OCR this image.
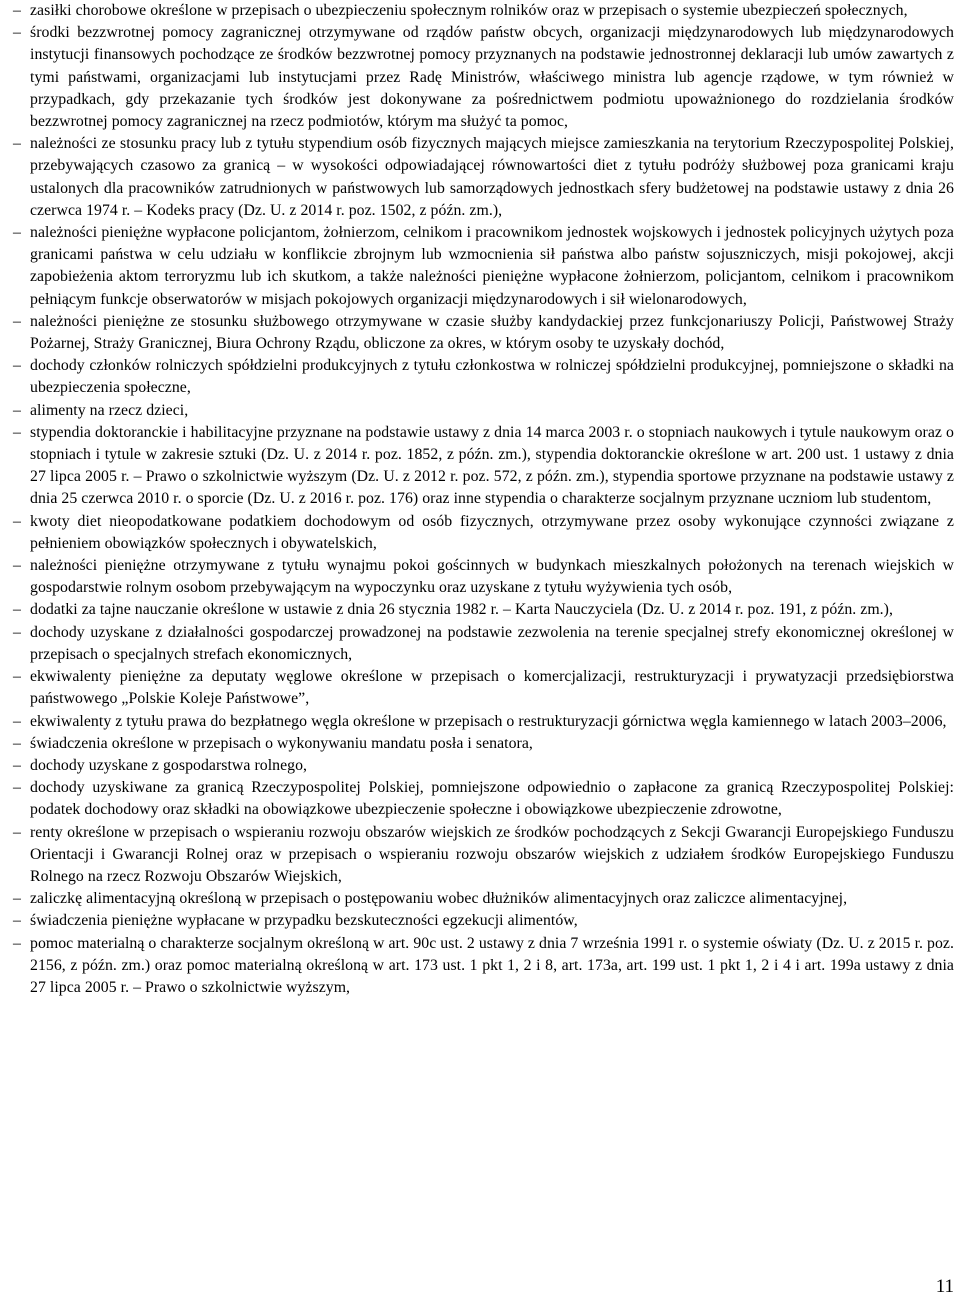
– zasiłki chorobowe określone w przepisach o ubezpieczeniu społecznym rolników oraz w przepisach o systemie ubezpieczeń społecznych,
– środki bezzwrotnej pomocy zagranicznej otrzymywane od rządów państw obcych, organizacji międzynarodowych lub międzynarodowych instytucji finansowych pochodzące ze środków bezzwrotnej pomocy przyznanych na podstawie jednostronnej deklaracji lub umów zawartych z tymi państwami, organizacjami lub instytucjami przez Radę Ministrów, właściwego ministra lub agencje rządowe, w tym również w przypadkach, gdy przekazanie tych środków jest dokonywane za pośrednictwem podmiotu upoważnionego do rozdzielania środków bezzwrotnej pomocy zagranicznej na rzecz podmiotów, którym ma służyć ta pomoc,
– należności ze stosunku pracy lub z tytułu stypendium osób fizycznych mających miejsce zamieszkania na terytorium Rzeczypospolitej Polskiej, przebywających czasowo za granicą – w wysokości odpowiadającej równowartości diet z tytułu podróży służbowej poza granicami kraju ustalonych dla pracowników zatrudnionych w państwowych lub samorządowych jednostkach sfery budżetowej na podstawie ustawy z dnia 26 czerwca 1974 r. – Kodeks pracy (Dz. U. z 2014 r. poz. 1502, z późn. zm.),
– należności pieniężne wypłacone policjantom, żołnierzom, celnikom i pracownikom jednostek wojskowych i jednostek policyjnych użytych poza granicami państwa w celu udziału w konflikcie zbrojnym lub wzmocnienia sił państwa albo państw sojuszniczych, misji pokojowej, akcji zapobieżenia aktom terroryzmu lub ich skutkom, a także należności pieniężne wypłacone żołnierzom, policjantom, celnikom i pracownikom pełniącym funkcje obserwatorów w misjach pokojowych organizacji międzynarodowych i sił wielonarodowych,
– należności pieniężne ze stosunku służbowego otrzymywane w czasie służby kandydackiej przez funkcjonariuszy Policji, Państwowej Straży Pożarnej, Straży Granicznej, Biura Ochrony Rządu, obliczone za okres, w którym osoby te uzyskały dochód,
– dochody członków rolniczych spółdzielni produkcyjnych z tytułu członkostwa w rolniczej spółdzielni produkcyjnej, pomniejszone o składki na ubezpieczenia społeczne,
– alimenty na rzecz dzieci,
– stypendia doktoranckie i habilitacyjne przyznane na podstawie ustawy z dnia 14 marca 2003 r. o stopniach naukowych i tytule naukowym oraz o stopniach i tytule w zakresie sztuki (Dz. U. z 2014 r. poz. 1852, z późn. zm.), stypendia doktoranckie określone w art. 200 ust. 1 ustawy z dnia 27 lipca 2005 r. – Prawo o szkolnictwie wyższym (Dz. U. z 2012 r. poz. 572, z późn. zm.), stypendia sportowe przyznane na podstawie ustawy z dnia 25 czerwca 2010 r. o sporcie (Dz. U. z 2016 r. poz. 176) oraz inne stypendia o charakterze socjalnym przyznane uczniom lub studentom,
– kwoty diet nieopodatkowane podatkiem dochodowym od osób fizycznych, otrzymywane przez osoby wykonujące czynności związane z pełnieniem obowiązków społecznych i obywatelskich,
– należności pieniężne otrzymywane z tytułu wynajmu pokoi gościnnych w budynkach mieszkalnych położonych na terenach wiejskich w gospodarstwie rolnym osobom przebywającym na wypoczynku oraz uzyskane z tytułu wyżywienia tych osób,
– dodatki za tajne nauczanie określone w ustawie z dnia 26 stycznia 1982 r. – Karta Nauczyciela (Dz. U. z 2014 r. poz. 191, z późn. zm.),
– dochody uzyskane z działalności gospodarczej prowadzonej na podstawie zezwolenia na terenie specjalnej strefy ekonomicznej określonej w przepisach o specjalnych strefach ekonomicznych,
– ekwiwalenty pieniężne za deputaty węglowe określone w przepisach o komercjalizacji, restrukturyzacji i prywatyzacji przedsiębiorstwa państwowego „Polskie Koleje Państwowe”,
– ekwiwalenty z tytułu prawa do bezpłatnego węgla określone w przepisach o restrukturyzacji górnictwa węgla kamiennego w latach 2003–2006,
– świadczenia określone w przepisach o wykonywaniu mandatu posła i senatora,
– dochody uzyskane z gospodarstwa rolnego,
– dochody uzyskiwane za granicą Rzeczypospolitej Polskiej, pomniejszone odpowiednio o zapłacone za granicą Rzeczypospolitej Polskiej: podatek dochodowy oraz składki na obowiązkowe ubezpieczenie społeczne i obowiązkowe ubezpieczenie zdrowotne,
– renty określone w przepisach o wspieraniu rozwoju obszarów wiejskich ze środków pochodzących z Sekcji Gwarancji Europejskiego Funduszu Orientacji i Gwarancji Rolnej oraz w przepisach o wspieraniu rozwoju obszarów wiejskich z udziałem środków Europejskiego Funduszu Rolnego na rzecz Rozwoju Obszarów Wiejskich,
– zaliczkę alimentacyjną określoną w przepisach o postępowaniu wobec dłużników alimentacyjnych oraz zaliczce alimentacyjnej,
– świadczenia pieniężne wypłacane w przypadku bezskuteczności egzekucji alimentów,
– pomoc materialną o charakterze socjalnym określoną w art. 90c ust. 2 ustawy z dnia 7 września 1991 r. o systemie oświaty (Dz. U. z 2015 r. poz. 2156, z późn. zm.) oraz pomoc materialną określoną w art. 173 ust. 1 pkt 1, 2 i 8, art. 173a, art. 199 ust. 1 pkt 1, 2 i 4 i art. 199a ustawy z dnia 27 lipca 2005 r. – Prawo o szkolnictwie wyższym,
11
